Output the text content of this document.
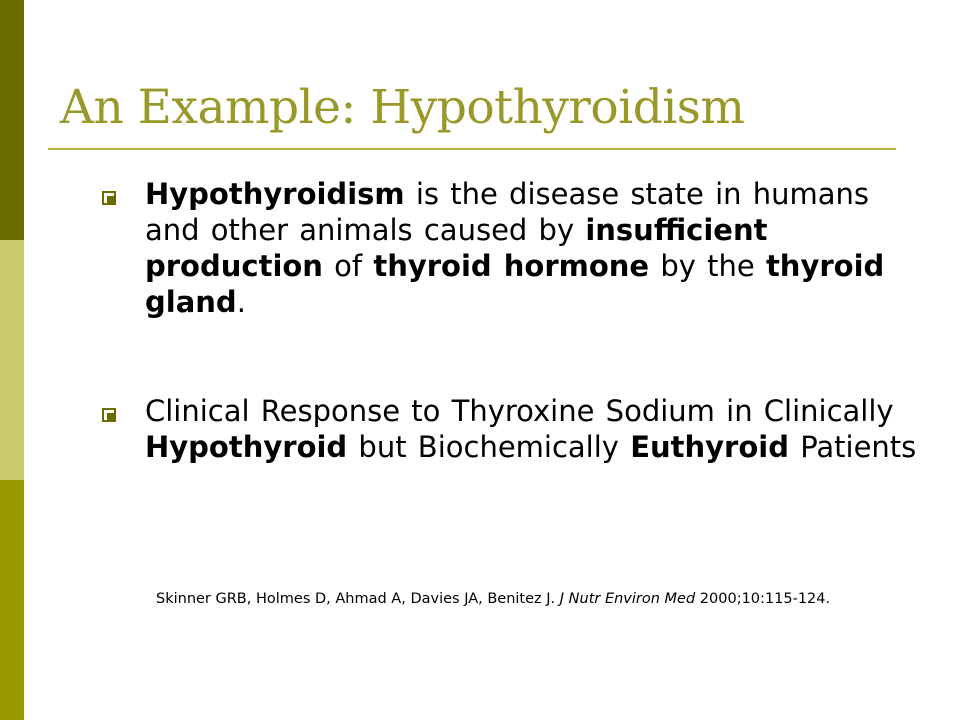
An Example: Hypothyroidism
Hypothyroidism is the disease state in humans and other animals caused by insufficient production of thyroid hormone by the thyroid gland.
Clinical Response to Thyroxine Sodium in Clinically Hypothyroid but Biochemically Euthyroid Patients
Skinner GRB, Holmes D, Ahmad A, Davies JA, Benitez J. J Nutr Environ Med 2000;10:115-124.
